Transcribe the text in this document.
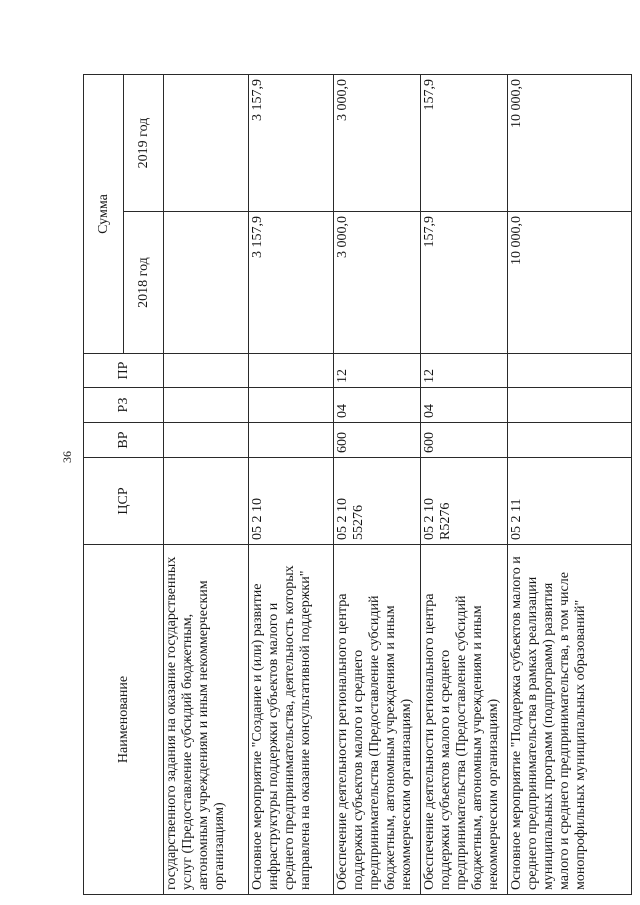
36
Наименование	ЦСР	ВР	РЗ	ПР	Сумма	
					2018 год	2019 год
государственного задания на оказание государственных услуг (Предоставление субсидий бюджетным, автономным учреждениям и иным некоммерческим организациям)						
Основное мероприятие "Создание и (или) развитие инфраструктуры поддержки субъектов малого и среднего предпринимательства, деятельность которых направлена на оказание консультативной поддержки"	05 2 10				3 157,9	3 157,9
Обеспечение деятельности регионального центра поддержки субъектов малого и среднего предпринимательства (Предоставление субсидий бюджетным, автономным учреждениям и иным некоммерческим организациям)	05 2 10 55276	600	04	12	3 000,0	3 000,0
Обеспечение деятельности регионального центра поддержки субъектов малого и среднего предпринимательства (Предоставление субсидий бюджетным, автономным учреждениям и иным некоммерческим организациям)	05 2 10 R5276	600	04	12	157,9	157,9
Основное мероприятие "Поддержка субъектов малого и среднего предпринимательства в рамках реализации муниципальных программ (подпрограмм) развития малого и среднего предпринимательства, в том числе монопрофильных муниципальных образований"	05 2 11				10 000,0	10 000,0
